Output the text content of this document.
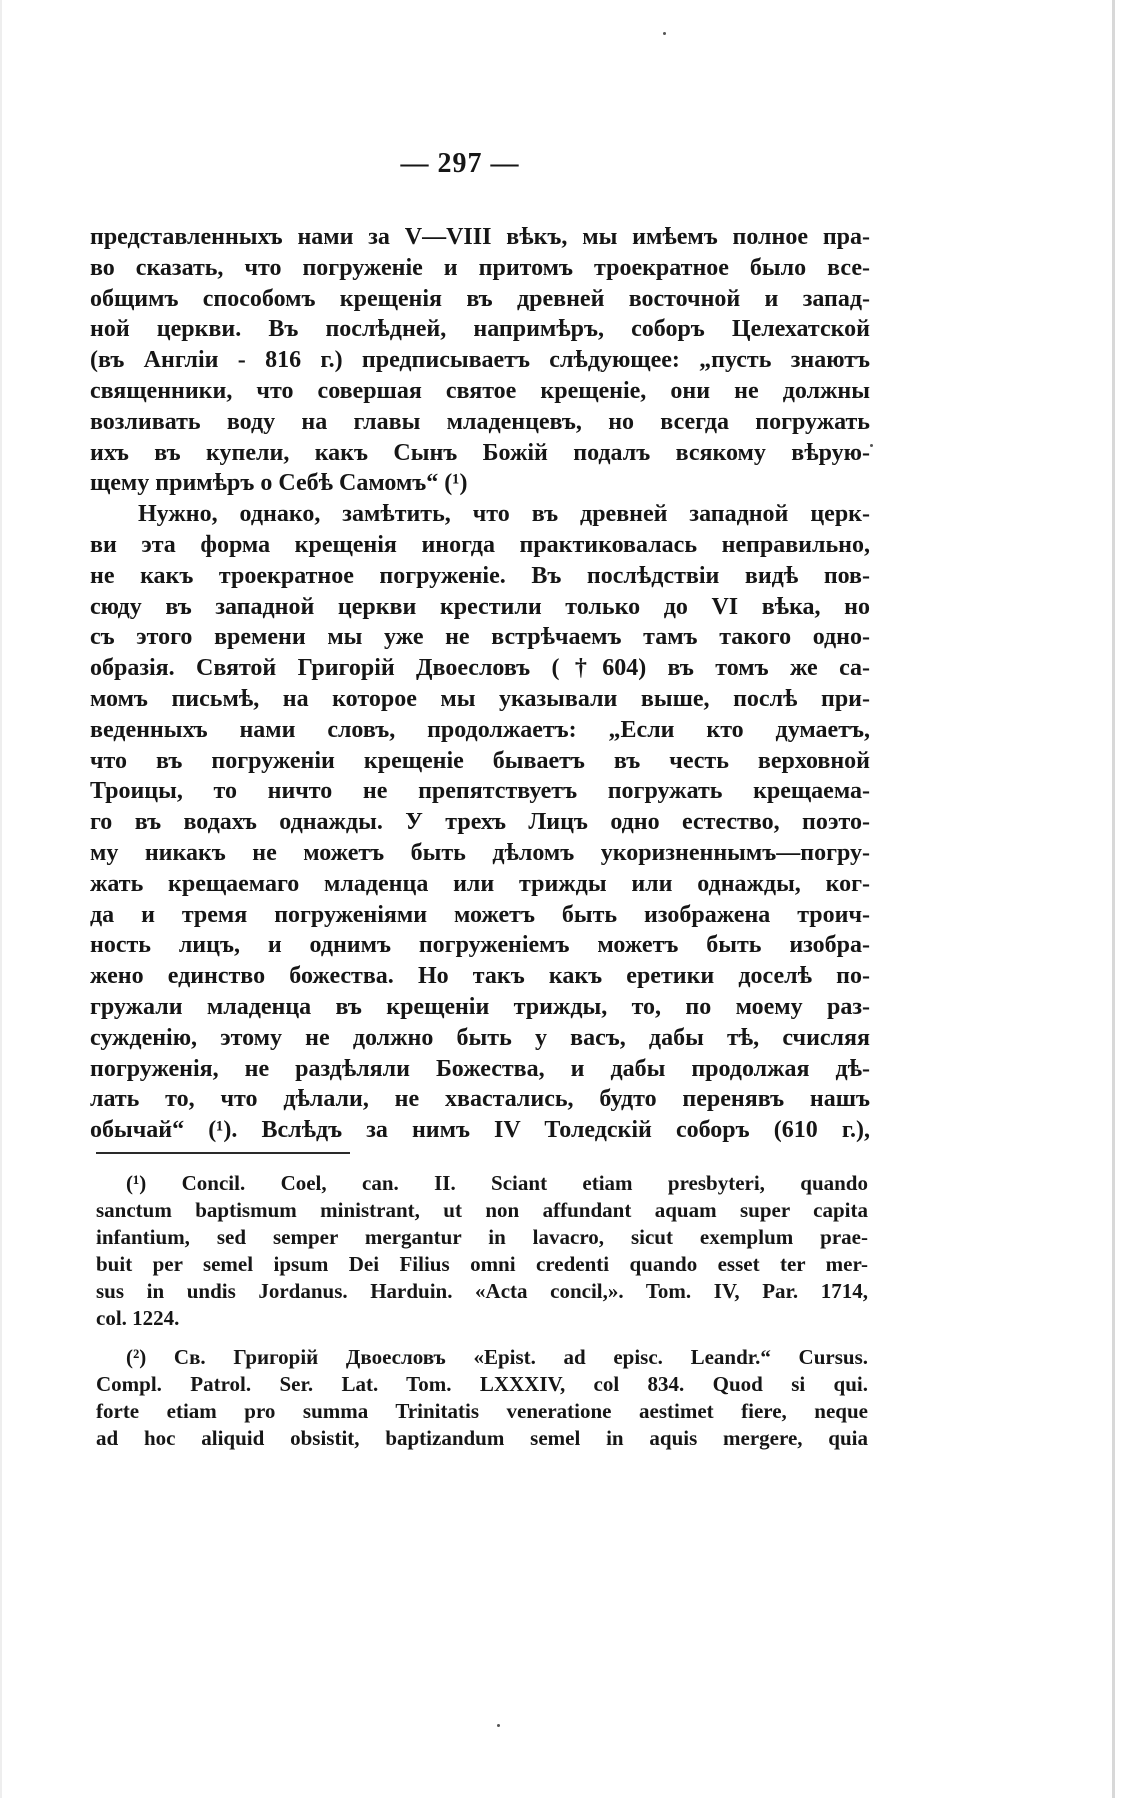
— 297 —
представленныхъ нами за V—VIII вѣкъ, мы имѣемъ полное пра-
во сказать, что погруженіе и притомъ троекратное было все-
общимъ способомъ крещенія въ древней восточной и запад-
ной церкви. Въ послѣдней, напримѣръ, соборъ Целехатской
(въ Англіи - 816 г.) предписываетъ слѣдующее: „пусть знаютъ
священники, что совершая святое крещеніе, они не должны
возливать воду на главы младенцевъ, но всегда погружать
ихъ въ купели, какъ Сынъ Божій подалъ всякому вѣрую-
щему примѣръ о Себѣ Самомъ“ (¹)
Нужно, однако, замѣтить, что въ древней западной церк-
ви эта форма крещенія иногда практиковалась неправильно,
не какъ троекратное погруженіе. Въ послѣдствіи видѣ пов-
сюду въ западной церкви крестили только до VI вѣка, но
съ этого времени мы уже не встрѣчаемъ тамъ такого одно-
образія. Святой Григорій Двоесловъ (†604) въ томъ же са-
момъ письмѣ, на которое мы указывали выше, послѣ при-
веденныхъ нами словъ, продолжаетъ: „Если кто думаетъ,
что въ погруженіи крещеніе бываетъ въ честь верховной
Троицы, то ничто не препятствуетъ погружать крещаема-
го въ водахъ однажды. У трехъ Лицъ одно естество, поэто-
му никакъ не можетъ быть дѣломъ укоризненнымъ—погру-
жать крещаемаго младенца или трижды или однажды, ког-
да и тремя погруженіями можетъ быть изображена троич-
ность лицъ, и однимъ погруженіемъ можетъ быть изобра-
жено единство божества. Но такъ какъ еретики доселѣ по-
гружали младенца въ крещеніи трижды, то, по моему раз-
сужденію, этому не должно быть у васъ, дабы тѣ, счисляя
погруженія, не раздѣляли Божества, и дабы продолжая дѣ-
лать то, что дѣлали, не хвастались, будто перенявъ нашъ
обычай“ (¹). Вслѣдъ за нимъ IV Толедскій соборъ (610 г.),
(¹) Concil. Coel, can. II. Sciant etiam presbyteri, quando
sanctum baptismum ministrant, ut non affundant aquam super capita
infantium, sed semper mergantur in lavacro, sicut exemplum prae-
buit per semel ipsum Dei Filius omni credenti quando esset ter mer-
sus in undis Jordanus. Harduin. «Acta concil,». Tom. IV, Par. 1714,
col. 1224.
(²) Св. Григорій Двоесловъ «Epist. ad episc. Leandr.“ Cursus.
Compl. Patrol. Ser. Lat. Tom. LXXXIV, col 834. Quod si qui.
forte etiam pro summa Trinitatis veneratione aestimet fiere, neque
ad hoc aliquid obsistit, baptizandum semel in aquis mergere, quia
